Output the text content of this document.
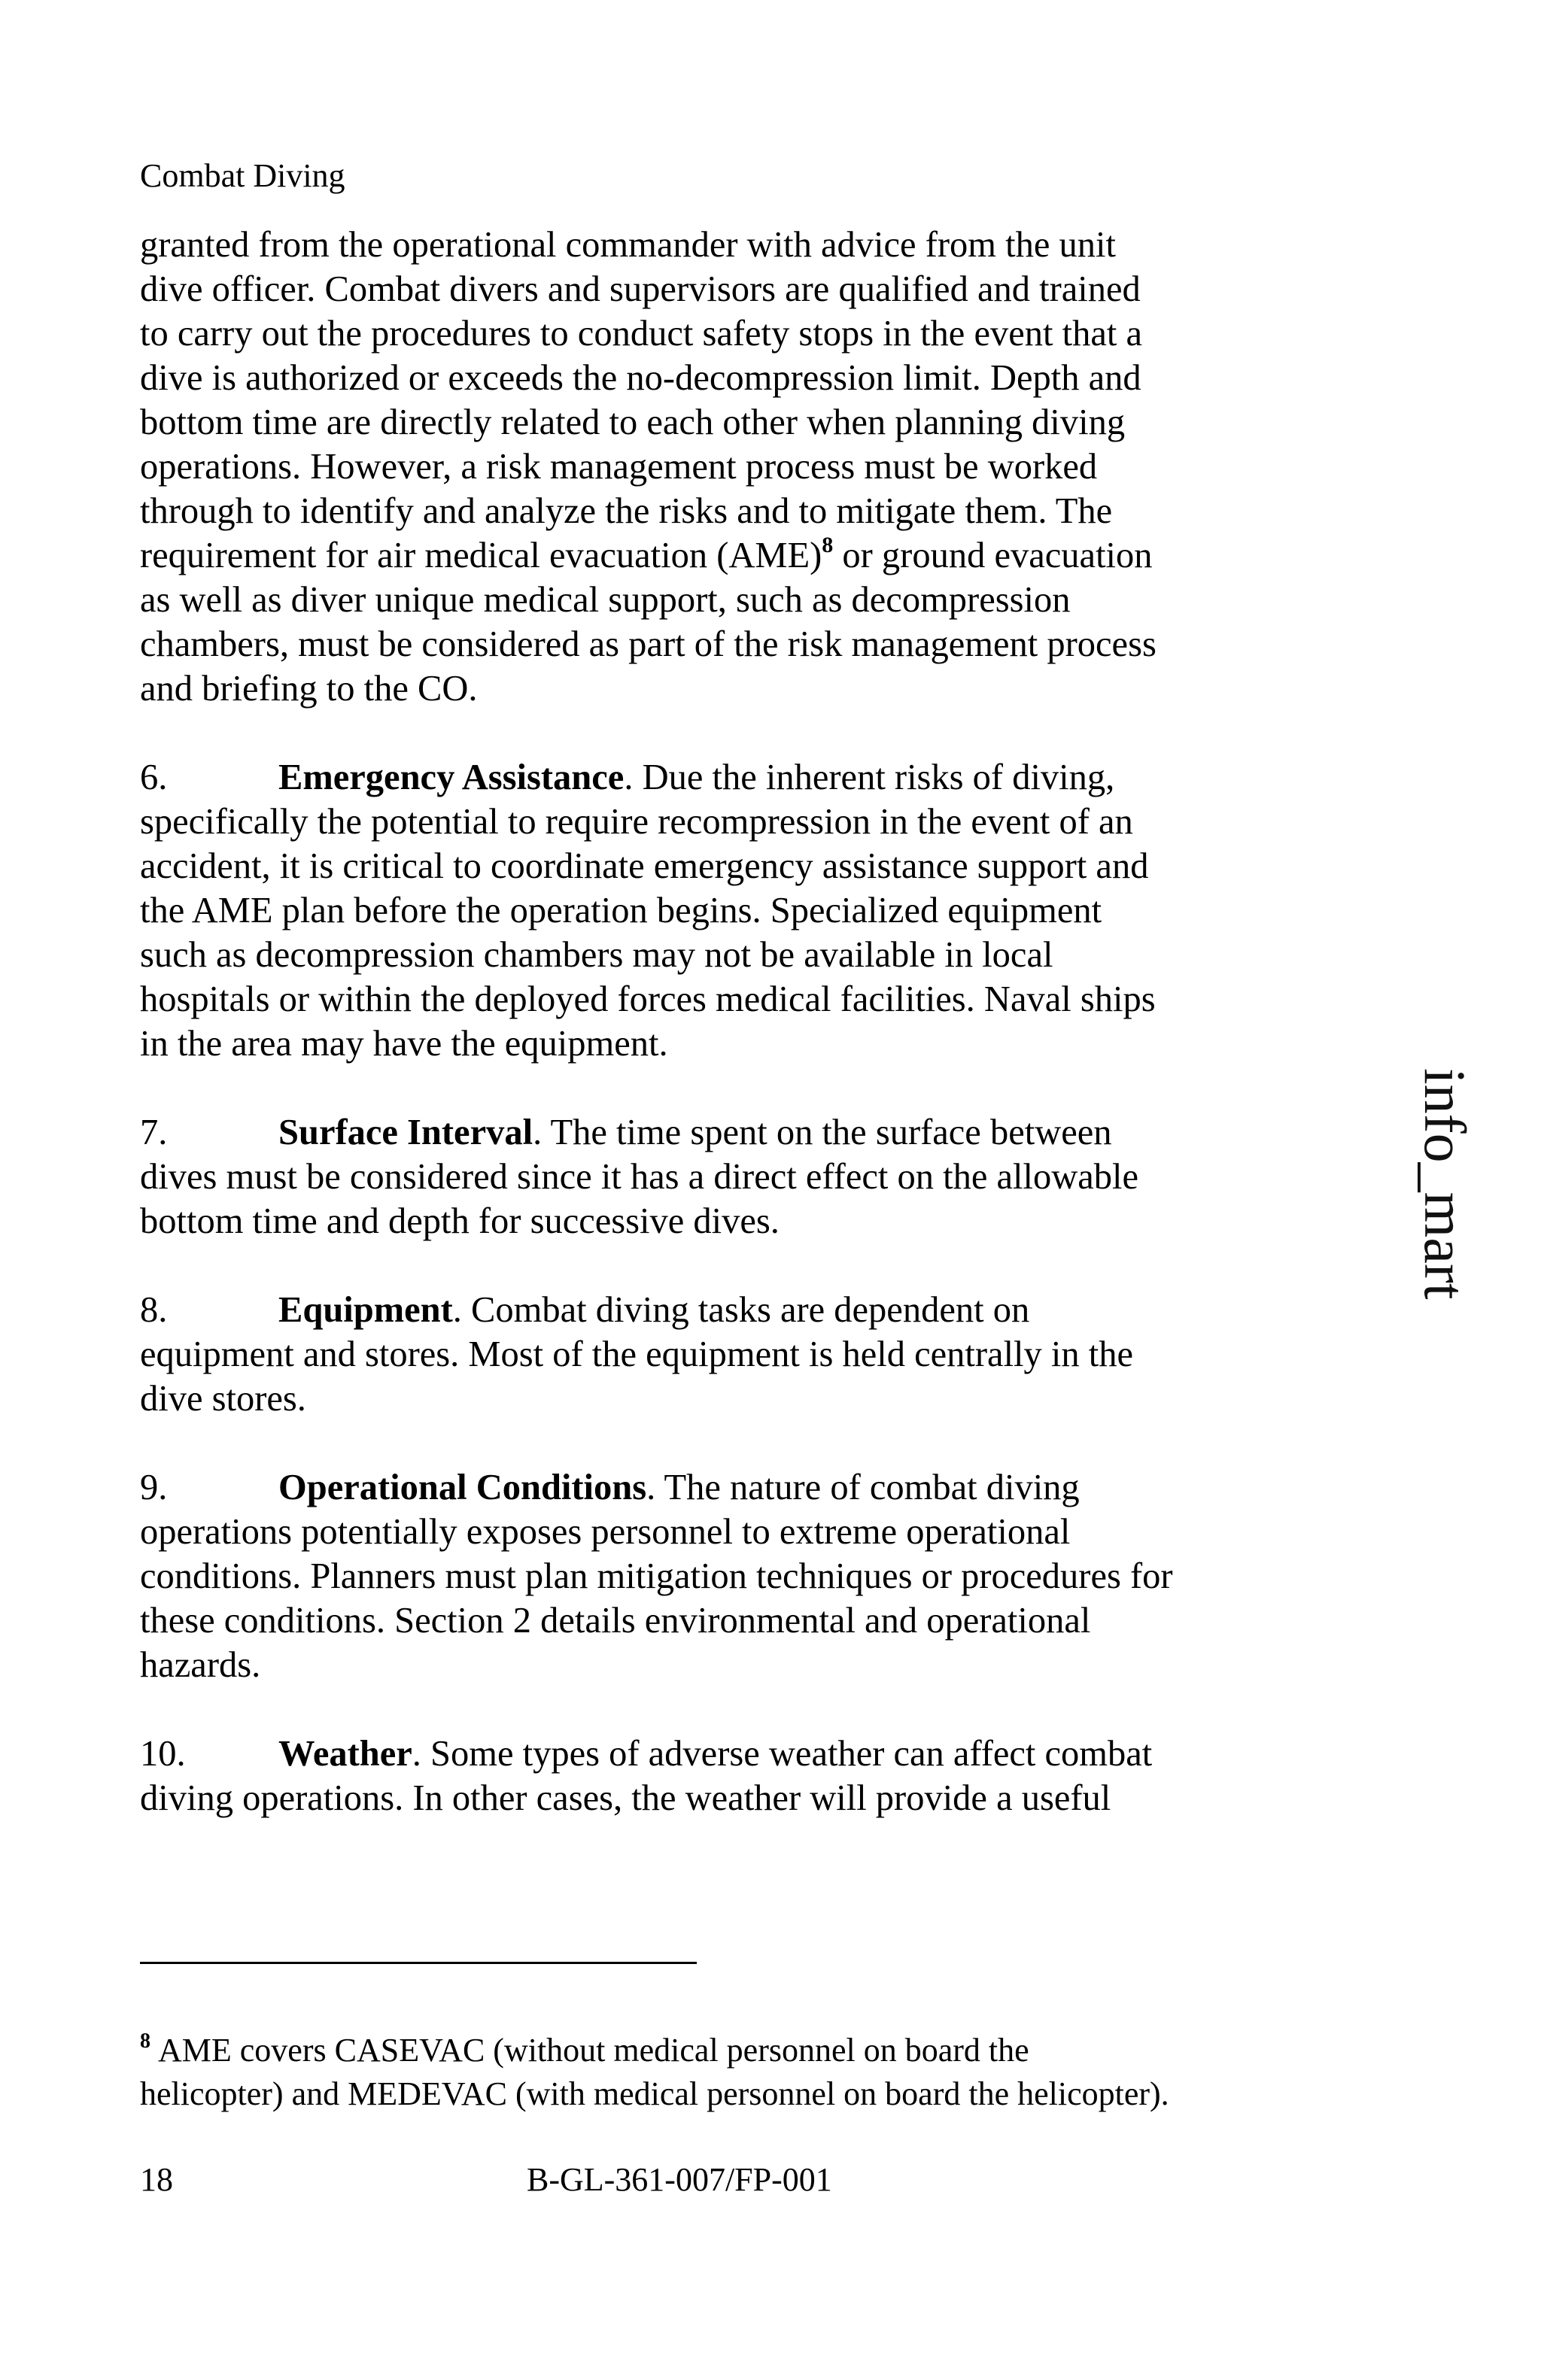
Combat Diving
granted from the operational commander with advice from the unit
dive officer. Combat divers and supervisors are qualified and trained
to carry out the procedures to conduct safety stops in the event that a
dive is authorized or exceeds the no-decompression limit. Depth and
bottom time are directly related to each other when planning diving
operations. However, a risk management process must be worked
through to identify and analyze the risks and to mitigate them. The
requirement for air medical evacuation (AME)$^8$ or ground evacuation
as well as diver unique medical support, such as decompression
chambers, must be considered as part of the risk management process
and briefing to the CO.
6.	Emergency Assistance. Due the inherent risks of diving,
specifically the potential to require recompression in the event of an
accident, it is critical to coordinate emergency assistance support and
the AME plan before the operation begins. Specialized equipment
such as decompression chambers may not be available in local
hospitals or within the deployed forces medical facilities. Naval ships
in the area may have the equipment.
7.	Surface Interval. The time spent on the surface between
dives must be considered since it has a direct effect on the allowable
bottom time and depth for successive dives.
8.	Equipment. Combat diving tasks are dependent on
equipment and stores. Most of the equipment is held centrally in the
dive stores.
9.	Operational Conditions. The nature of combat diving
operations potentially exposes personnel to extreme operational
conditions. Planners must plan mitigation techniques or procedures for
these conditions. Section 2 details environmental and operational
hazards.
10.	Weather. Some types of adverse weather can affect combat
diving operations. In other cases, the weather will provide a useful
$^8$ AME covers CASEVAC (without medical personnel on board the
helicopter) and MEDEVAC (with medical personnel on board the helicopter).
18	B-GL-361-007/FP-001
info_mart
